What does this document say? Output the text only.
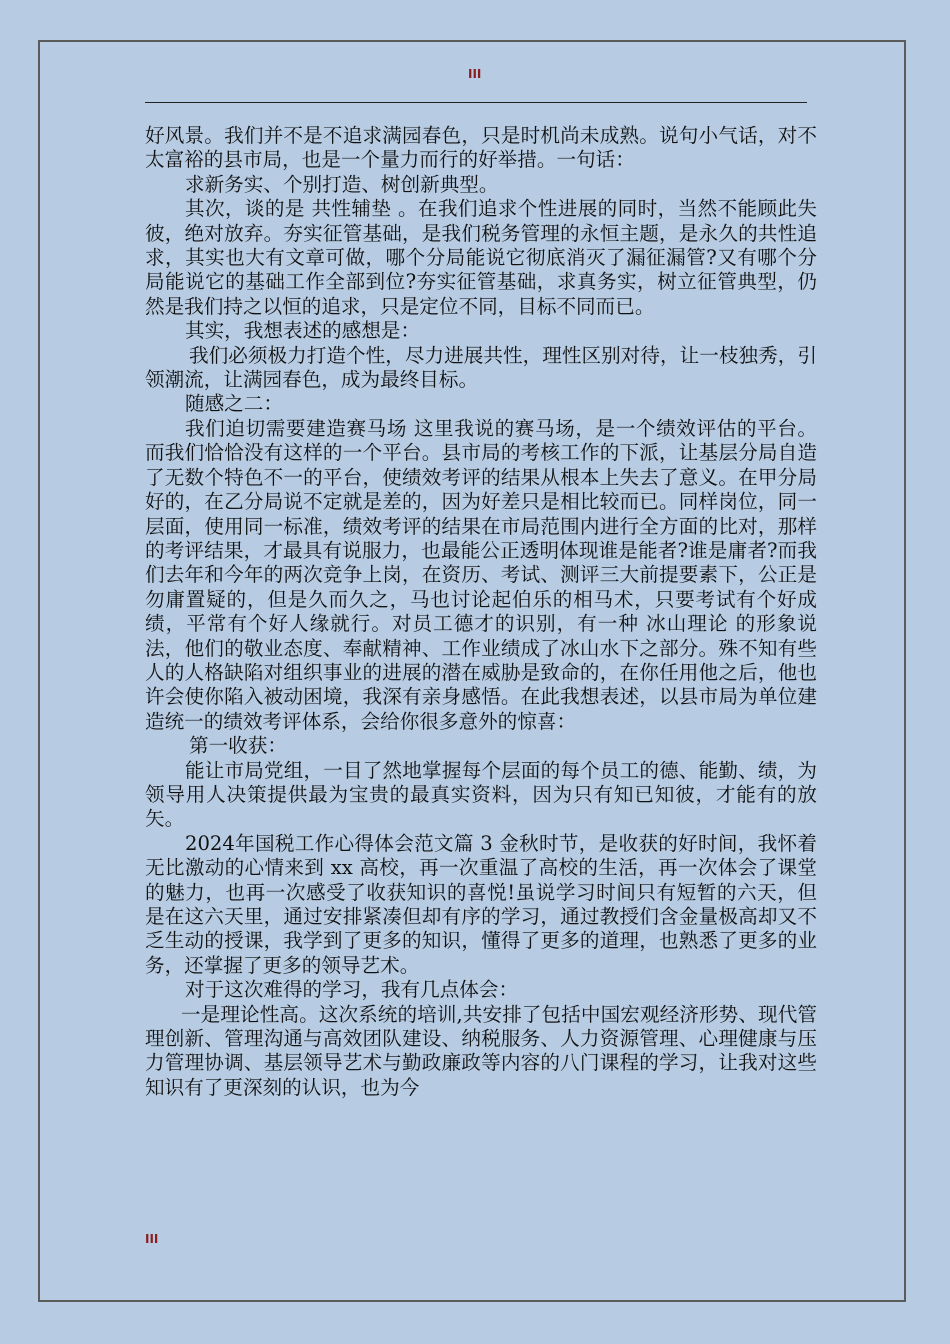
III

好风景。我们并不是不追求满园春色，只是时机尚未成熟。说句小气话，对不太富裕的县市局，也是一个量力而行的好举措。一句话：

求新务实、个别打造、树创新典型。

其次，谈的是 共性辅垫 。在我们追求个性进展的同时，当然不能顾此失彼，绝对放弃。夯实征管基础，是我们税务管理的永恒主题，是永久的共性追求，其实也大有文章可做，哪个分局能说它彻底消灭了漏征漏管?又有哪个分局能说它的基础工作全部到位?夯实征管基础，求真务实，树立征管典型，仍然是我们持之以恒的追求，只是定位不同，目标不同而已。

其实，我想表述的感想是：

我们必须极力打造个性，尽力进展共性，理性区别对待，让一枝独秀，引领潮流，让满园春色，成为最终目标。

随感之二：

我们迫切需要建造赛马场 这里我说的赛马场，是一个绩效评估的平台。而我们恰恰没有这样的一个平台。县市局的考核工作的下派，让基层分局自造了无数个特色不一的平台，使绩效考评的结果从根本上失去了意义。在甲分局好的，在乙分局说不定就是差的，因为好差只是相比较而已。同样岗位，同一层面，使用同一标准，绩效考评的结果在市局范围内进行全方面的比对，那样的考评结果，才最具有说服力，也最能公正透明体现谁是能者?谁是庸者?而我们去年和今年的两次竞争上岗，在资历、考试、测评三大前提要素下，公正是勿庸置疑的，但是久而久之，马也讨论起伯乐的相马术，只要考试有个好成绩，平常有个好人缘就行。对员工德才的识别，有一种 冰山理论 的形象说法，他们的敬业态度、奉献精神、工作业绩成了冰山水下之部分。殊不知有些人的人格缺陷对组织事业的进展的潜在威胁是致命的，在你任用他之后，他也许会使你陷入被动困境，我深有亲身感悟。在此我想表述，以县市局为单位建造统一的绩效考评体系，会给你很多意外的惊喜：

第一收获：

能让市局党组，一目了然地掌握每个层面的每个员工的德、能勤、绩，为领导用人决策提供最为宝贵的最真实资料，因为只有知已知彼，才能有的放矢。

2024年国税工作心得体会范文篇 3 金秋时节，是收获的好时间，我怀着无比激动的心情来到 xx 高校，再一次重温了高校的生活，再一次体会了课堂的魅力，也再一次感受了收获知识的喜悦!虽说学习时间只有短暂的六天，但是在这六天里，通过安排紧凑但却有序的学习，通过教授们含金量极高却又不乏生动的授课，我学到了更多的知识，懂得了更多的道理，也熟悉了更多的业务，还掌握了更多的领导艺术。

对于这次难得的学习，我有几点体会：

一是理论性高。这次系统的培训,共安排了包括中国宏观经济形势、现代管理创新、管理沟通与高效团队建设、纳税服务、人力资源管理、心理健康与压力管理协调、基层领导艺术与勤政廉政等内容的八门课程的学习，让我对这些知识有了更深刻的认识，也为今

III
